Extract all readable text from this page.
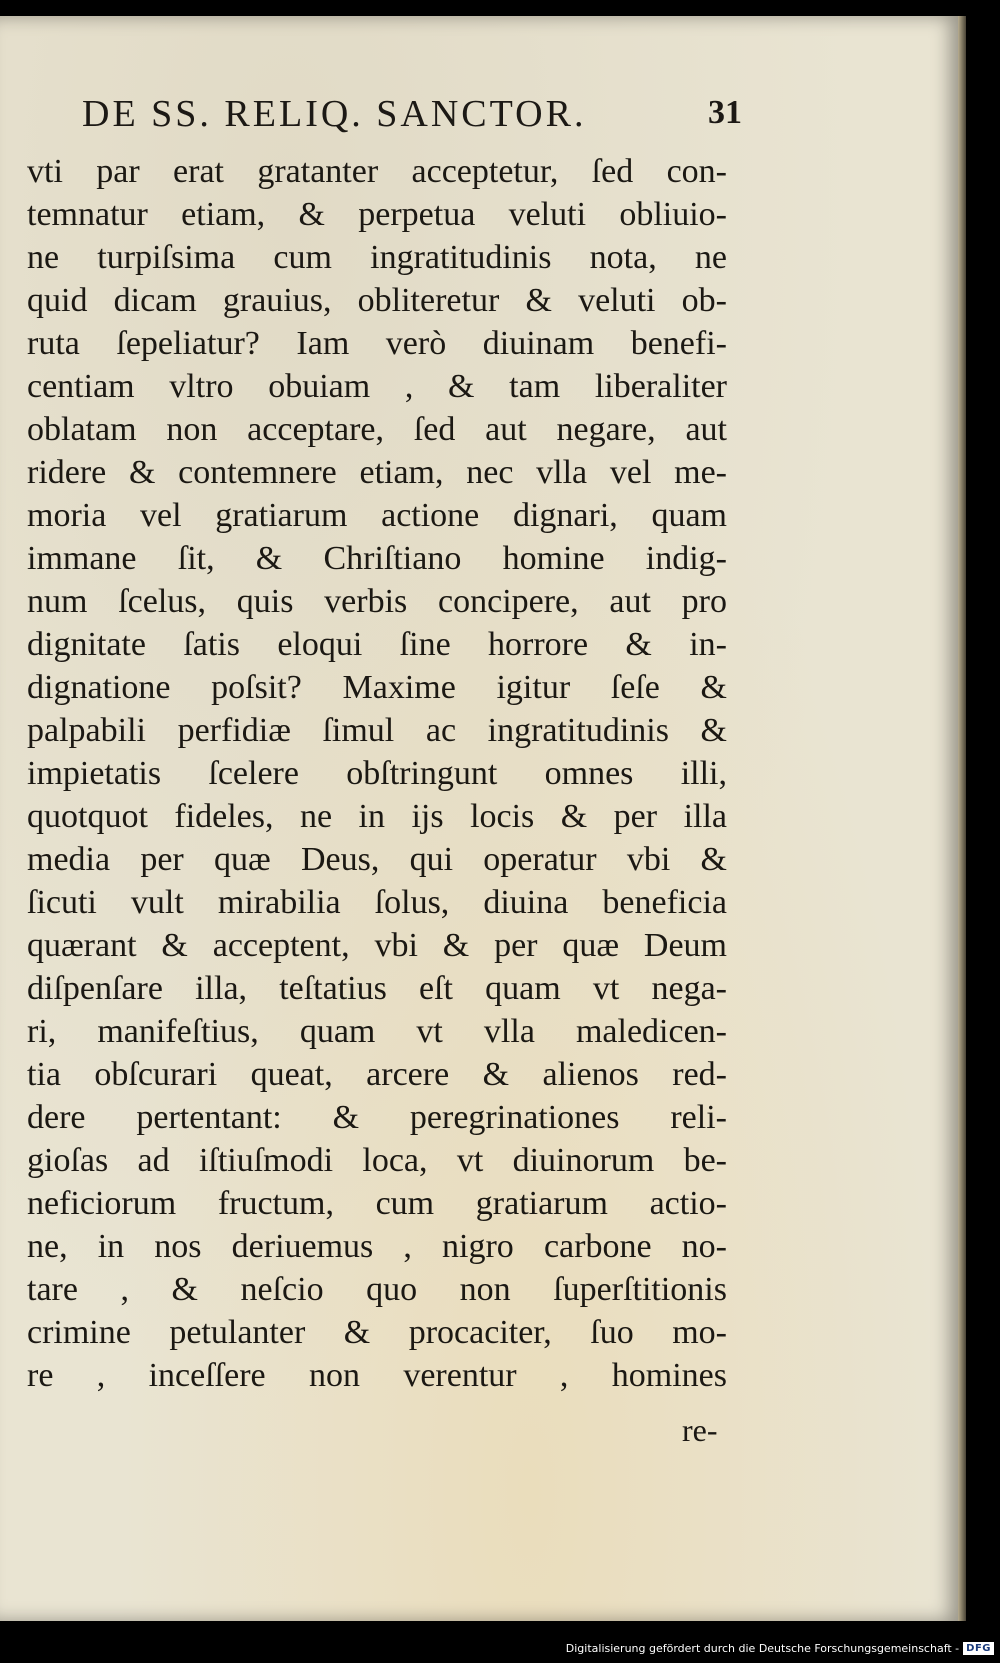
DE SS. RELIQ. SANCTOR.	31
vti par erat gratanter acceptetur, ſed con-
temnatur etiam, & perpetua veluti obliuio-
ne turpiſsima cum ingratitudinis nota, ne
quid dicam grauius, obliteretur & veluti ob-
ruta ſepeliatur? Iam verò diuinam benefi-
centiam vltro obuiam , & tam liberaliter
oblatam non acceptare, ſed aut negare, aut
ridere & contemnere etiam, nec vlla vel me-
moria vel gratiarum actione dignari, quam
immane ſit, & Chriſtiano homine indig-
num ſcelus, quis verbis concipere, aut pro
dignitate ſatis eloqui ſine horrore & in-
dignatione poſsit? Maxime igitur ſeſe &
palpabili perfidiæ ſimul ac ingratitudinis &
impietatis ſcelere obſtringunt omnes illi,
quotquot fideles, ne in ijs locis & per illa
media per quæ Deus, qui operatur vbi &
ſicuti vult mirabilia ſolus, diuina beneficia
quærant & acceptent, vbi & per quæ Deum
diſpenſare illa, teſtatius eſt quam vt nega-
ri, manifeſtius, quam vt vlla maledicen-
tia obſcurari queat, arcere & alienos red-
dere pertentant: & peregrinationes reli-
gioſas ad iſtiuſmodi loca, vt diuinorum be-
neficiorum fructum, cum gratiarum actio-
ne, in nos deriuemus , nigro carbone no-
tare , & neſcio quo non ſuperſtitionis
crimine petulanter & procaciter, ſuo mo-
re , inceſſere non verentur , homines
re-
Digitalisierung gefördert durch die Deutsche Forschungsgemeinschaft - DFG
